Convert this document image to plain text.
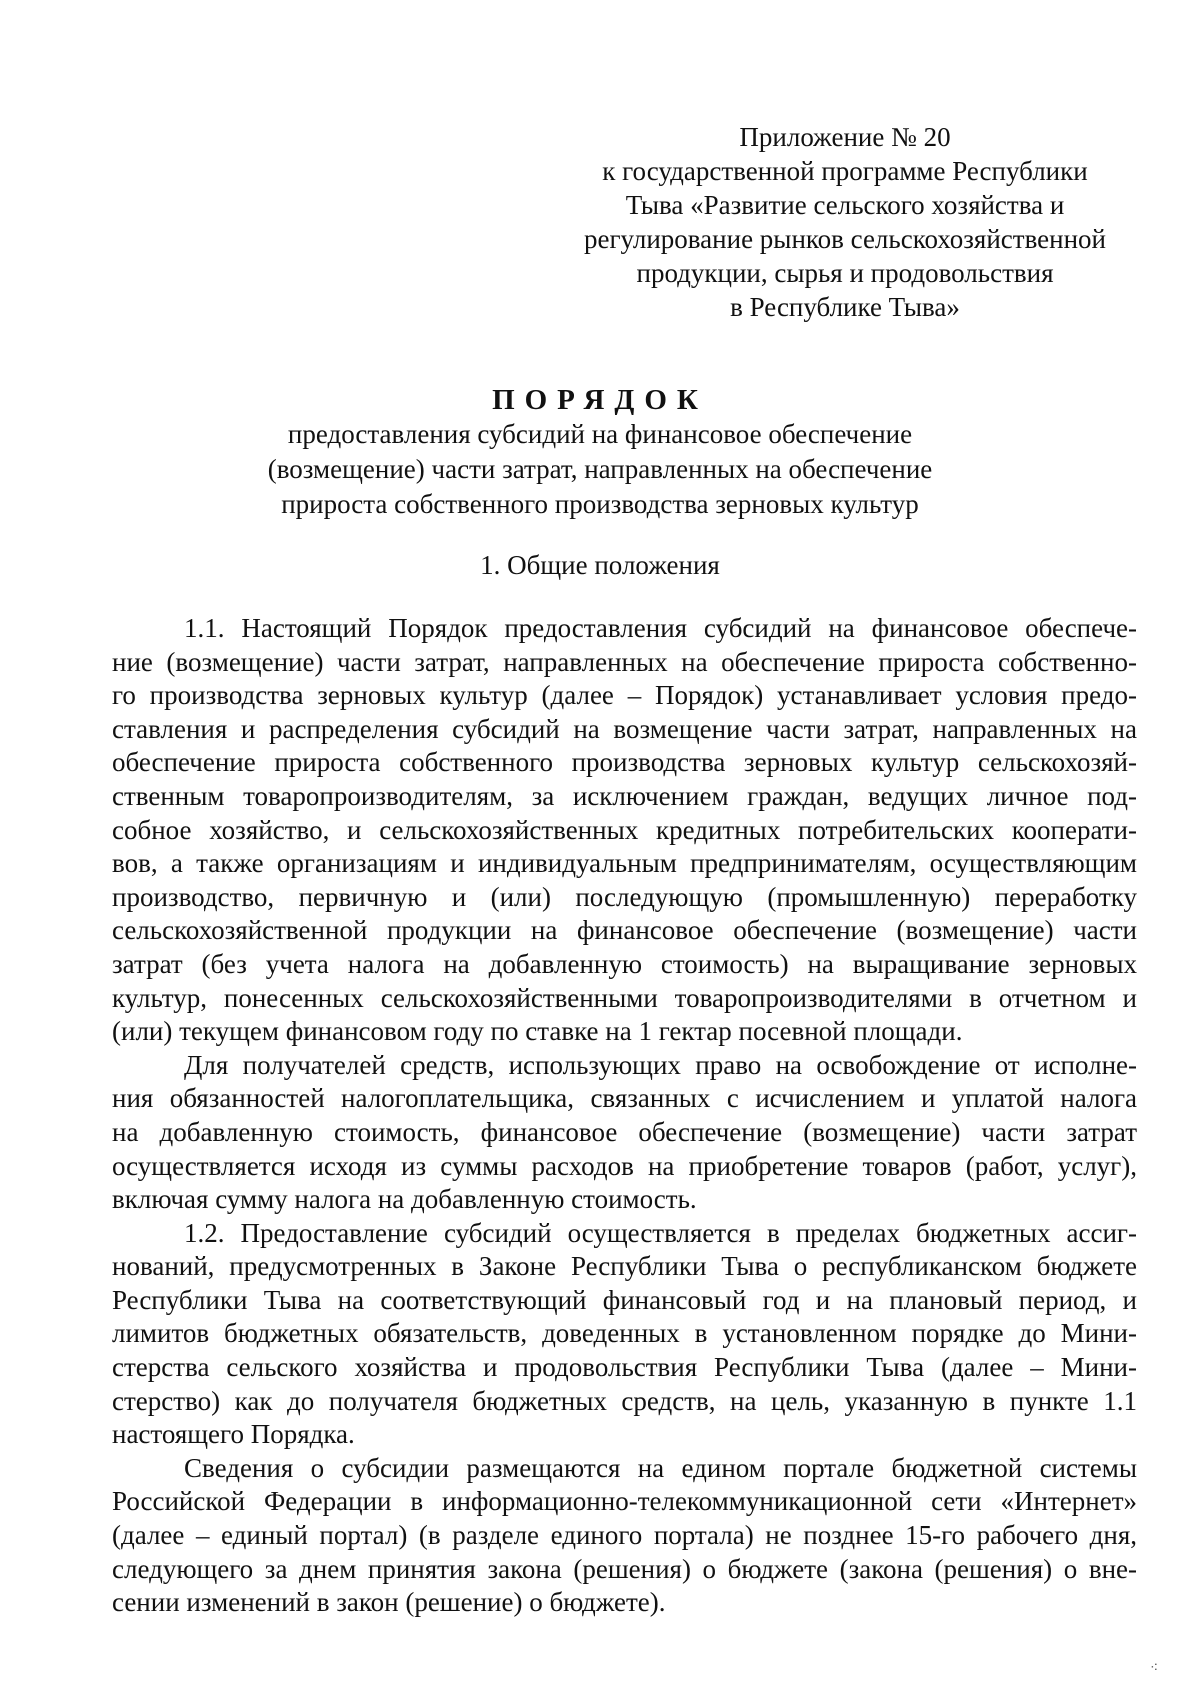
Приложение № 20
к государственной программе Республики
Тыва «Развитие сельского хозяйства и
регулирование рынков сельскохозяйственной
продукции, сырья и продовольствия
в Республике Тыва»
ПОРЯДОК
предоставления субсидий на финансовое обеспечение
(возмещение) части затрат, направленных на обеспечение
прироста собственного производства зерновых культур
1. Общие положения
1.1. Настоящий Порядок предоставления субсидий на финансовое обеспече-
ние (возмещение) части затрат, направленных на обеспечение прироста собственно-
го производства зерновых культур (далее – Порядок) устанавливает условия предо-
ставления и распределения субсидий на возмещение части затрат, направленных на
обеспечение прироста собственного производства зерновых культур сельскохозяй-
ственным товаропроизводителям, за исключением граждан, ведущих личное под-
собное хозяйство, и сельскохозяйственных кредитных потребительских кооперати-
вов, а также организациям и индивидуальным предпринимателям, осуществляющим
производство, первичную и (или) последующую (промышленную) переработку
сельскохозяйственной продукции на финансовое обеспечение (возмещение) части
затрат (без учета налога на добавленную стоимость) на выращивание зерновых
культур, понесенных сельскохозяйственными товаропроизводителями в отчетном и
(или) текущем финансовом году по ставке на 1 гектар посевной площади.
Для получателей средств, использующих право на освобождение от исполне-
ния обязанностей налогоплательщика, связанных с исчислением и уплатой налога
на добавленную стоимость, финансовое обеспечение (возмещение) части затрат
осуществляется исходя из суммы расходов на приобретение товаров (работ, услуг),
включая сумму налога на добавленную стоимость.
1.2. Предоставление субсидий осуществляется в пределах бюджетных ассиг-
нований, предусмотренных в Законе Республики Тыва о республиканском бюджете
Республики Тыва на соответствующий финансовый год и на плановый период, и
лимитов бюджетных обязательств, доведенных в установленном порядке до Мини-
стерства сельского хозяйства и продовольствия Республики Тыва (далее – Мини-
стерство) как до получателя бюджетных средств, на цель, указанную в пункте 1.1
настоящего Порядка.
Сведения о субсидии размещаются на едином портале бюджетной системы
Российской Федерации в информационно-телекоммуникационной сети «Интернет»
(далее – единый портал) (в разделе единого портала) не позднее 15-го рабочего дня,
следующего за днем принятия закона (решения) о бюджете (закона (решения) о вне-
сении изменений в закон (решение) о бюджете).
⁖
